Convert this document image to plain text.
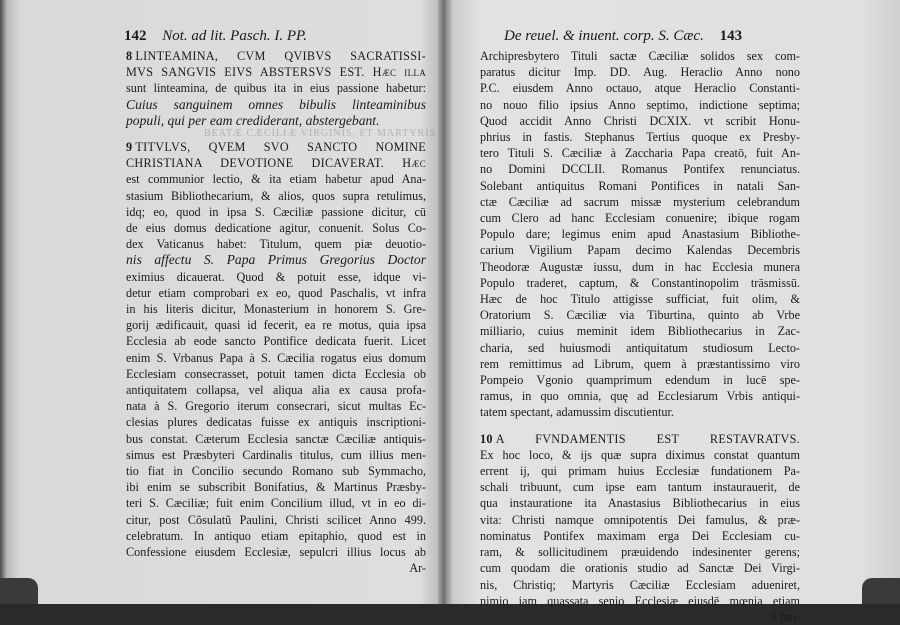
BEATÆ CÆCILIÆ VIRGINIS, ET MARTYRIS
142 Not. ad lit. Pasch. I. PP.
8 LINTEAMINA, CVM QVIBVS SACRATISSI-
MVS SANGVIS EIVS ABSTERSVS EST. Hæc illa
sunt linteamina, de quibus ita in eius passione habetur:
Cuius sanguinem omnes bibulis linteaminibus
populi, qui per eam crediderant, abstergebant.
9 TITVLVS, QVEM SVO SANCTO NOMINE
CHRISTIANA DEVOTIONE DICAVERAT. Hæc
est communior lectio, & ita etiam habetur apud Ana-
stasium Bibliothecarium, & alios, quos supra retulimus,
idq; eo, quod in ipsa S. Cæciliæ passione dicitur, cū
de eius domus dedicatione agitur, conuenit. Solus Co-
dex Vaticanus habet: Titulum, quem piæ deuotio-
nis affectu S. Papa Primus Gregorius Doctor
eximius dicauerat. Quod & potuit esse, idque vi-
detur etiam comprobari ex eo, quod Paschalis, vt infra
in his literis dicitur, Monasterium in honorem S. Gre-
gorij ædificauit, quasi id fecerit, ea re motus, quia ipsa
Ecclesia ab eode sancto Pontifice dedicata fuerit. Licet
enim S. Vrbanus Papa à S. Cæcilia rogatus eius domum
Ecclesiam consecrasset, potuit tamen dicta Ecclesia ob
antiquitatem collapsa, vel aliqua alia ex causa profa-
nata à S. Gregorio iterum consecrari, sicut multas Ec-
clesias plures dedicatas fuisse ex antiquis inscriptioni-
bus constat. Cæterum Ecclesia sanctæ Cæciliæ antiquis-
simus est Præsbyteri Cardinalis titulus, cum illius men-
tio fiat in Concilio secundo Romano sub Symmacho,
ibi enim se subscribit Bonifatius, & Martinus Præsby-
teri S. Cæciliæ; fuit enim Concilium illud, vt in eo di-
citur, post Cõsulatũ Paulini, Christi scilicet Anno 499.
celebratum. In antiquo etiam epitaphio, quod est in
Confessione eiusdem Ecclesiæ, sepulcri illius locus ab
Ar-
De reuel. & inuent. corp. S. Cæc. 143
Archipresbytero Tituli sactæ Cæciliæ solidos sex com-
paratus dicitur Imp. DD. Aug. Heraclio Anno nono
P.C. eiusdem Anno octauo, atque Heraclio Constanti-
no nouo filio ipsius Anno septimo, indictione septima;
Quod accidit Anno Christi DCXIX. vt scribit Honu-
phrius in fastis. Stephanus Tertius quoque ex Presby-
tero Tituli S. Cæciliæ à Zaccharia Papa creatō, fuit An-
no Domini DCCLII. Romanus Pontifex renunciatus.
Solebant antiquitus Romani Pontifices in natali San-
ctæ Cæciliæ ad sacrum missæ mysterium celebrandum
cum Clero ad hanc Ecclesiam conuenire; ibique rogam
Populo dare; legimus enim apud Anastasium Bibliothe-
carium Vigilium Papam decimo Kalendas Decembris
Theodoræ Augustæ iussu, dum in hac Ecclesia munera
Populo traderet, captum, & Constantinopolim trāsmissū.
Hæc de hoc Titulo attigisse sufficiat, fuit olim, &
Oratorium S. Cæciliæ via Tiburtina, quinto ab Vrbe
milliario, cuius meminit idem Bibliothecarius in Zac-
charia, sed huiusmodi antiquitatum studiosum Lecto-
rem remittimus ad Librum, quem à præstantissimo viro
Pompeio Vgonio quamprimum edendum in lucē spe-
ramus, in quo omnia, quę ad Ecclesiarum Vrbis antiqui-
tatem spectant, adamussim discutientur.
10 A FVNDAMENTIS EST RESTAVRATVS.
Ex hoc loco, & ijs quæ supra diximus constat quantum
errent ij, qui primam huius Ecclesiæ fundationem Pa-
schali tribuunt, cum ipse eam tantum instaurauerit, de
qua instauratione ita Anastasius Bibliothecarius in eius
vita: Christi namque omnipotentis Dei famulus, & præ-
nominatus Pontifex maximam erga Dei Ecclesiam cu-
ram, & sollicitudinem præuidendo indesinenter gerens;
cum quodam die orationis studio ad Sanctæ Dei Virgi-
nis, Christiq; Martyris Cæciliæ Ecclesiam adueniret,
nimio iam quassata senio Ecclesiæ eiusdē mœnia etiam
à fun-
